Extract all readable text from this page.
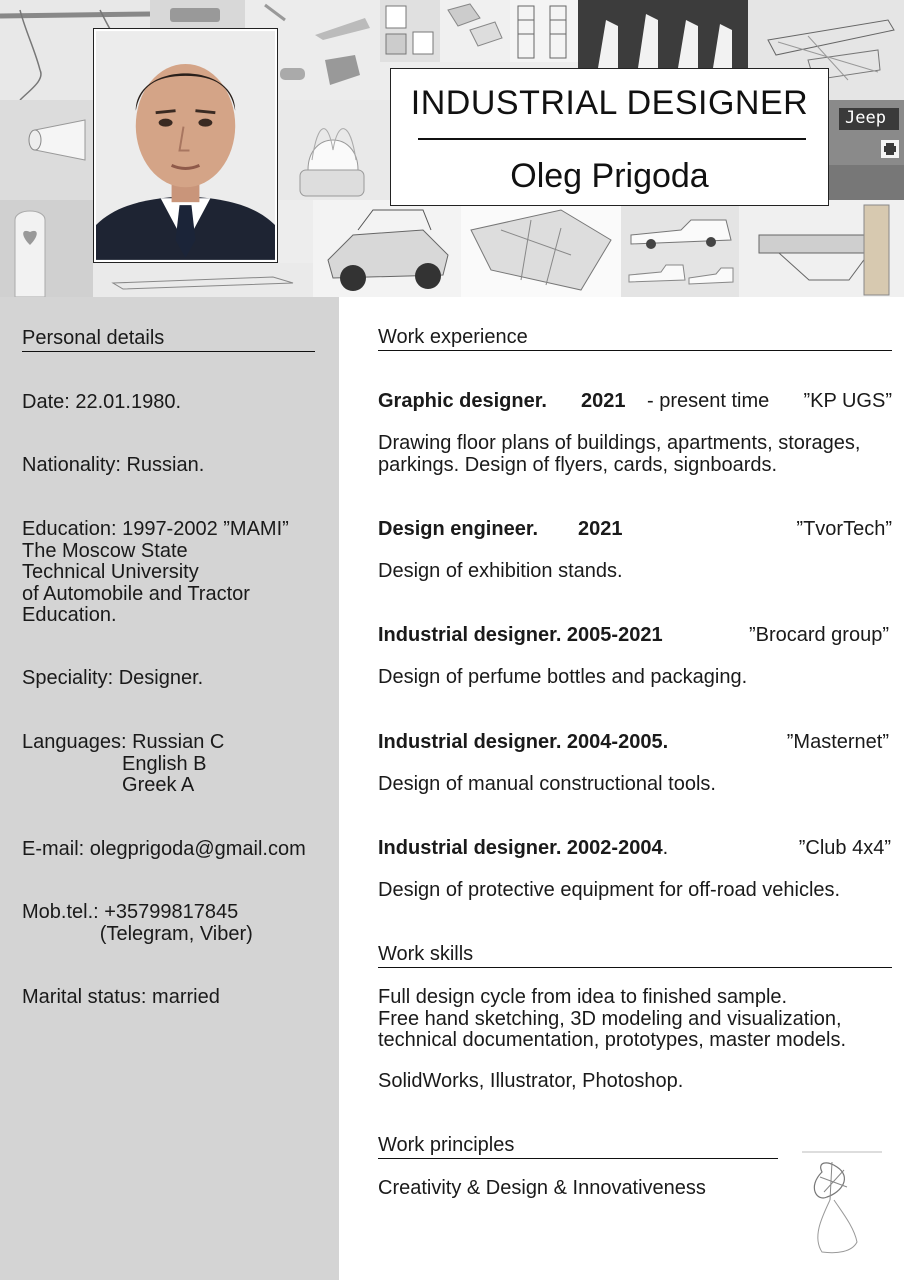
Jeep
INDUSTRIAL DESIGNER
Oleg Prigoda
Personal details
Date: 22.01.1980.
Nationality: Russian.
Education: 1997-2002 ”MAMI”
The Moscow State
Technical University
of Automobile and Tractor
Education.
Speciality: Designer.
Languages: Russian C
English B
Greek A
E-mail: olegprigoda@gmail.com
Mob.tel.: +35799817845
(Telegram, Viber)
Marital status: married
Work experience
Graphic designer. 2021 - present time ”KP UGS”
Drawing floor plans of buildings, apartments, storages, parkings. Design of flyers, cards, signboards.
Design engineer. 2021	”TvorTech”
Design of exhibition stands.
Industrial designer. 2005-2021	”Brocard group”
Design of perfume bottles and packaging.
Industrial designer. 2004-2005.	”Masternet”
Design of manual constructional tools.
Industrial designer. 2002-2004.	”Club 4x4”
Design of protective equipment for off-road vehicles.
Work skills
Full design cycle from idea to finished sample.
Free hand sketching, 3D modeling and visualization,
technical documentation, prototypes, master models.
SolidWorks, Illustrator, Photoshop.
Work principles
Creativity & Design & Innovativeness
